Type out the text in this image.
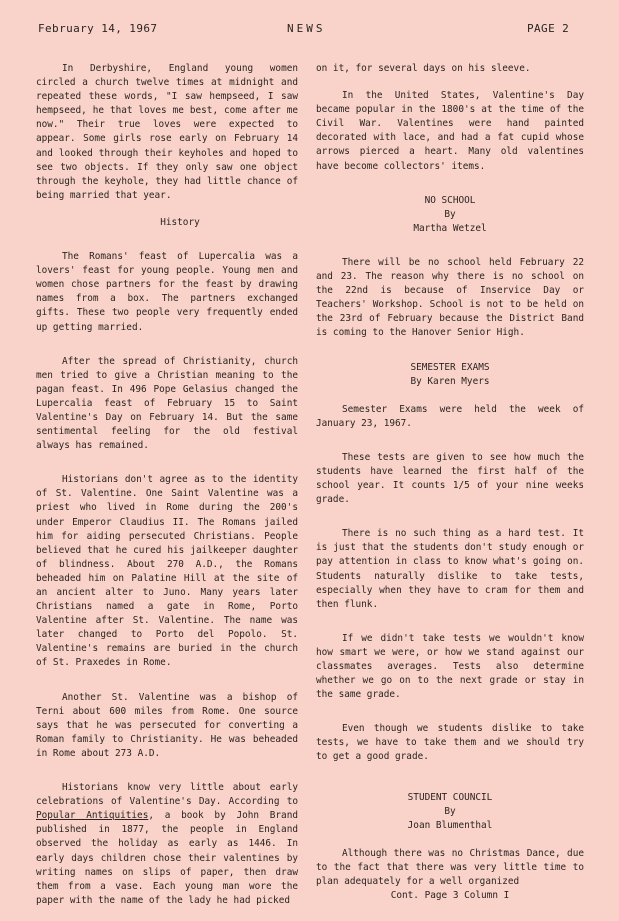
February 14, 1967	NEWS	PAGE 2

In Derbyshire, England young women circled a church twelve times at midnight and repeated these words, "I saw hempseed, I saw hempseed, he that loves me best, come after me now." Their true loves were expected to appear. Some girls rose early on February 14 and looked through their keyholes and hoped to see two objects. If they only saw one object through the keyhole, they had little chance of being married that year.

History

The Romans' feast of Lupercalia was a lovers' feast for young people. Young men and women chose partners for the feast by drawing names from a box. The partners exchanged gifts. These two people very frequently ended up getting married.

After the spread of Christianity, church men tried to give a Christian meaning to the pagan feast. In 496 Pope Gelasius changed the Lupercalia feast of February 15 to Saint Valentine's Day on February 14. But the same sentimental feeling for the old festival always has remained.

Historians don't agree as to the identity of St. Valentine. One Saint Valentine was a priest who lived in Rome during the 200's under Emperor Claudius II. The Romans jailed him for aiding persecuted Christians. People believed that he cured his jailkeeper daughter of blindness. About 270 A.D., the Romans beheaded him on Palatine Hill at the site of an ancient alter to Juno. Many years later Christians named a gate in Rome, Porto Valentine after St. Valentine. The name was later changed to Porto del Popolo. St. Valentine's remains are buried in the church of St. Praxedes in Rome.

Another St. Valentine was a bishop of Terni about 600 miles from Rome. One source says that he was persecuted for converting a Roman family to Christianity. He was beheaded in Rome about 273 A.D.

Historians know very little about early celebrations of Valentine's Day. According to Popular Antiquities, a book by John Brand published in 1877, the people in England observed the holiday as early as 1446. In early days children chose their valentines by writing names on slips of paper, then draw them from a vase. Each young man wore the paper with the name of the lady he had picked

on it, for several days on his sleeve.

In the United States, Valentine's Day became popular in the 1800's at the time of the Civil War. Valentines were hand painted decorated with lace, and had a fat cupid whose arrows pierced a heart. Many old valentines have become collectors' items.

NO SCHOOL

By

Martha Wetzel

There will be no school held February 22 and 23. The reason why there is no school on the 22nd is because of Inservice Day or Teachers' Workshop. School is not to be held on the 23rd of February because the District Band is coming to the Hanover Senior High.

SEMESTER EXAMS

By Karen Myers

Semester Exams were held the week of January 23, 1967.

These tests are given to see how much the students have learned the first half of the school year. It counts 1/5 of your nine weeks grade.

There is no such thing as a hard test. It is just that the students don't study enough or pay attention in class to know what's going on. Students naturally dislike to take tests, especially when they have to cram for them and then flunk.

If we didn't take tests we wouldn't know how smart we were, or how we stand against our classmates averages. Tests also determine whether we go on to the next grade or stay in the same grade.

Even though we students dislike to take tests, we have to take them and we should try to get a good grade.

STUDENT COUNCIL

By

Joan Blumenthal

Although there was no Christmas Dance, due to the fact that there was very little time to plan adequately for a well organized

Cont. Page 3 Column I
